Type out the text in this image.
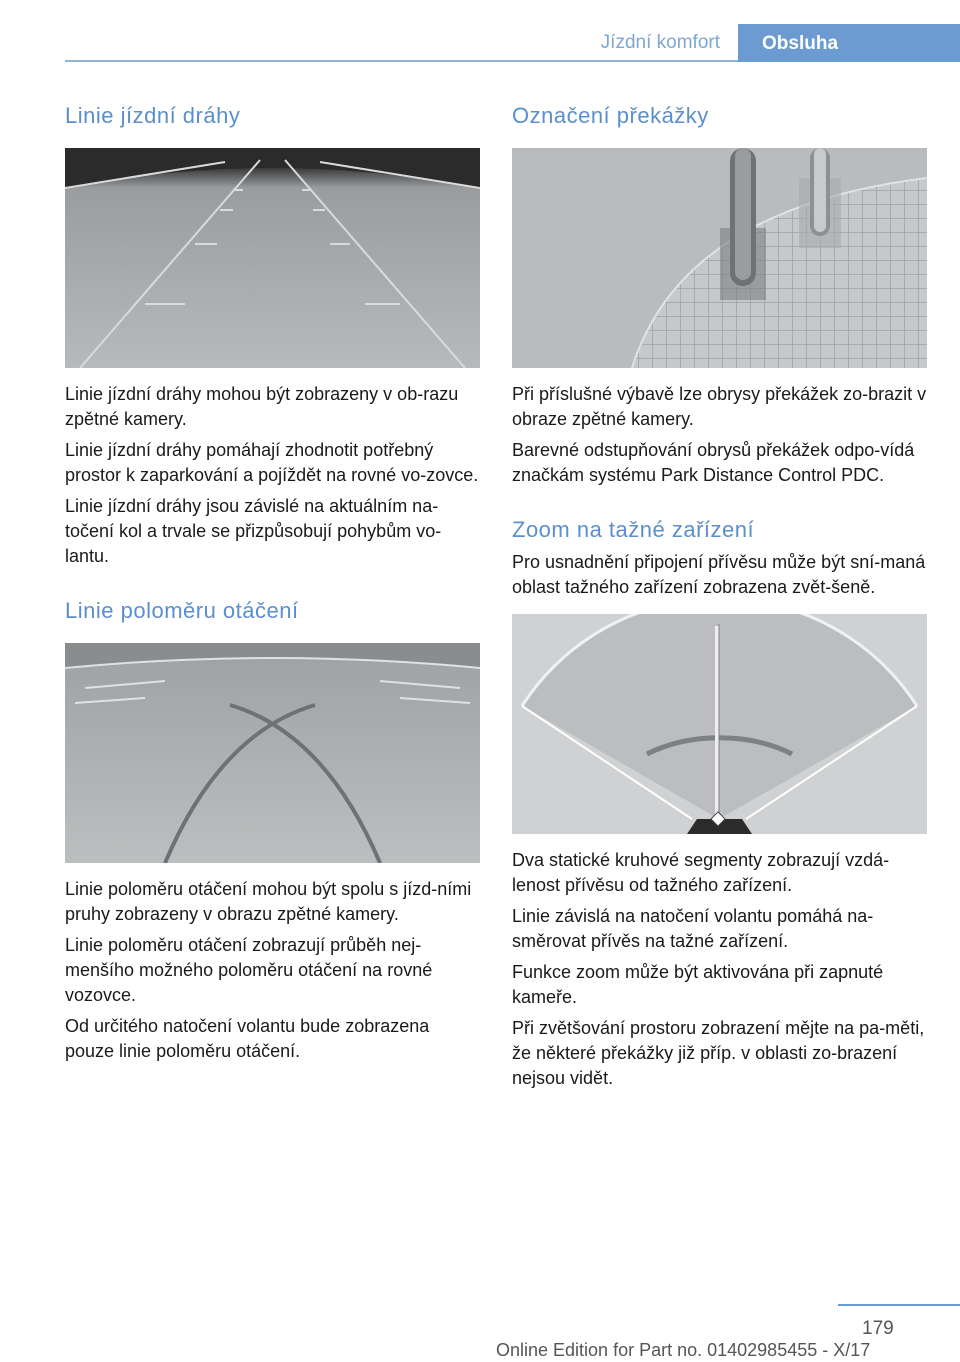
Jízdní komfort	Obsluha
Linie jízdní dráhy

Linie jízdní dráhy mohou být zobrazeny v ob-razu zpětné kamery.

Linie jízdní dráhy pomáhají zhodnotit potřebný prostor k zaparkování a pojíždět na rovné vo-zovce.

Linie jízdní dráhy jsou závislé na aktuálním na-točení kol a trvale se přizpůsobují pohybům vo-lantu.

Linie poloměru otáčení

Linie poloměru otáčení mohou být spolu s jízd-ními pruhy zobrazeny v obrazu zpětné kamery.

Linie poloměru otáčení zobrazují průběh nej-menšího možného poloměru otáčení na rovné vozovce.

Od určitého natočení volantu bude zobrazena pouze linie poloměru otáčení.

Označení překážky

Při příslušné výbavě lze obrysy překážek zo-brazit v obraze zpětné kamery.

Barevné odstupňování obrysů překážek odpo-vídá značkám systému Park Distance Control PDC.

Zoom na tažné zařízení

Pro usnadnění připojení přívěsu může být sní-maná oblast tažného zařízení zobrazena zvět-šeně.

Dva statické kruhové segmenty zobrazují vzdá-lenost přívěsu od tažného zařízení.

Linie závislá na natočení volantu pomáhá na-směrovat přívěs na tažné zařízení.

Funkce zoom může být aktivována při zapnuté kameře.

Při zvětšování prostoru zobrazení mějte na pa-měti, že některé překážky již příp. v oblasti zo-brazení nejsou vidět.

179
Online Edition for Part no. 01402985455 - X/17
